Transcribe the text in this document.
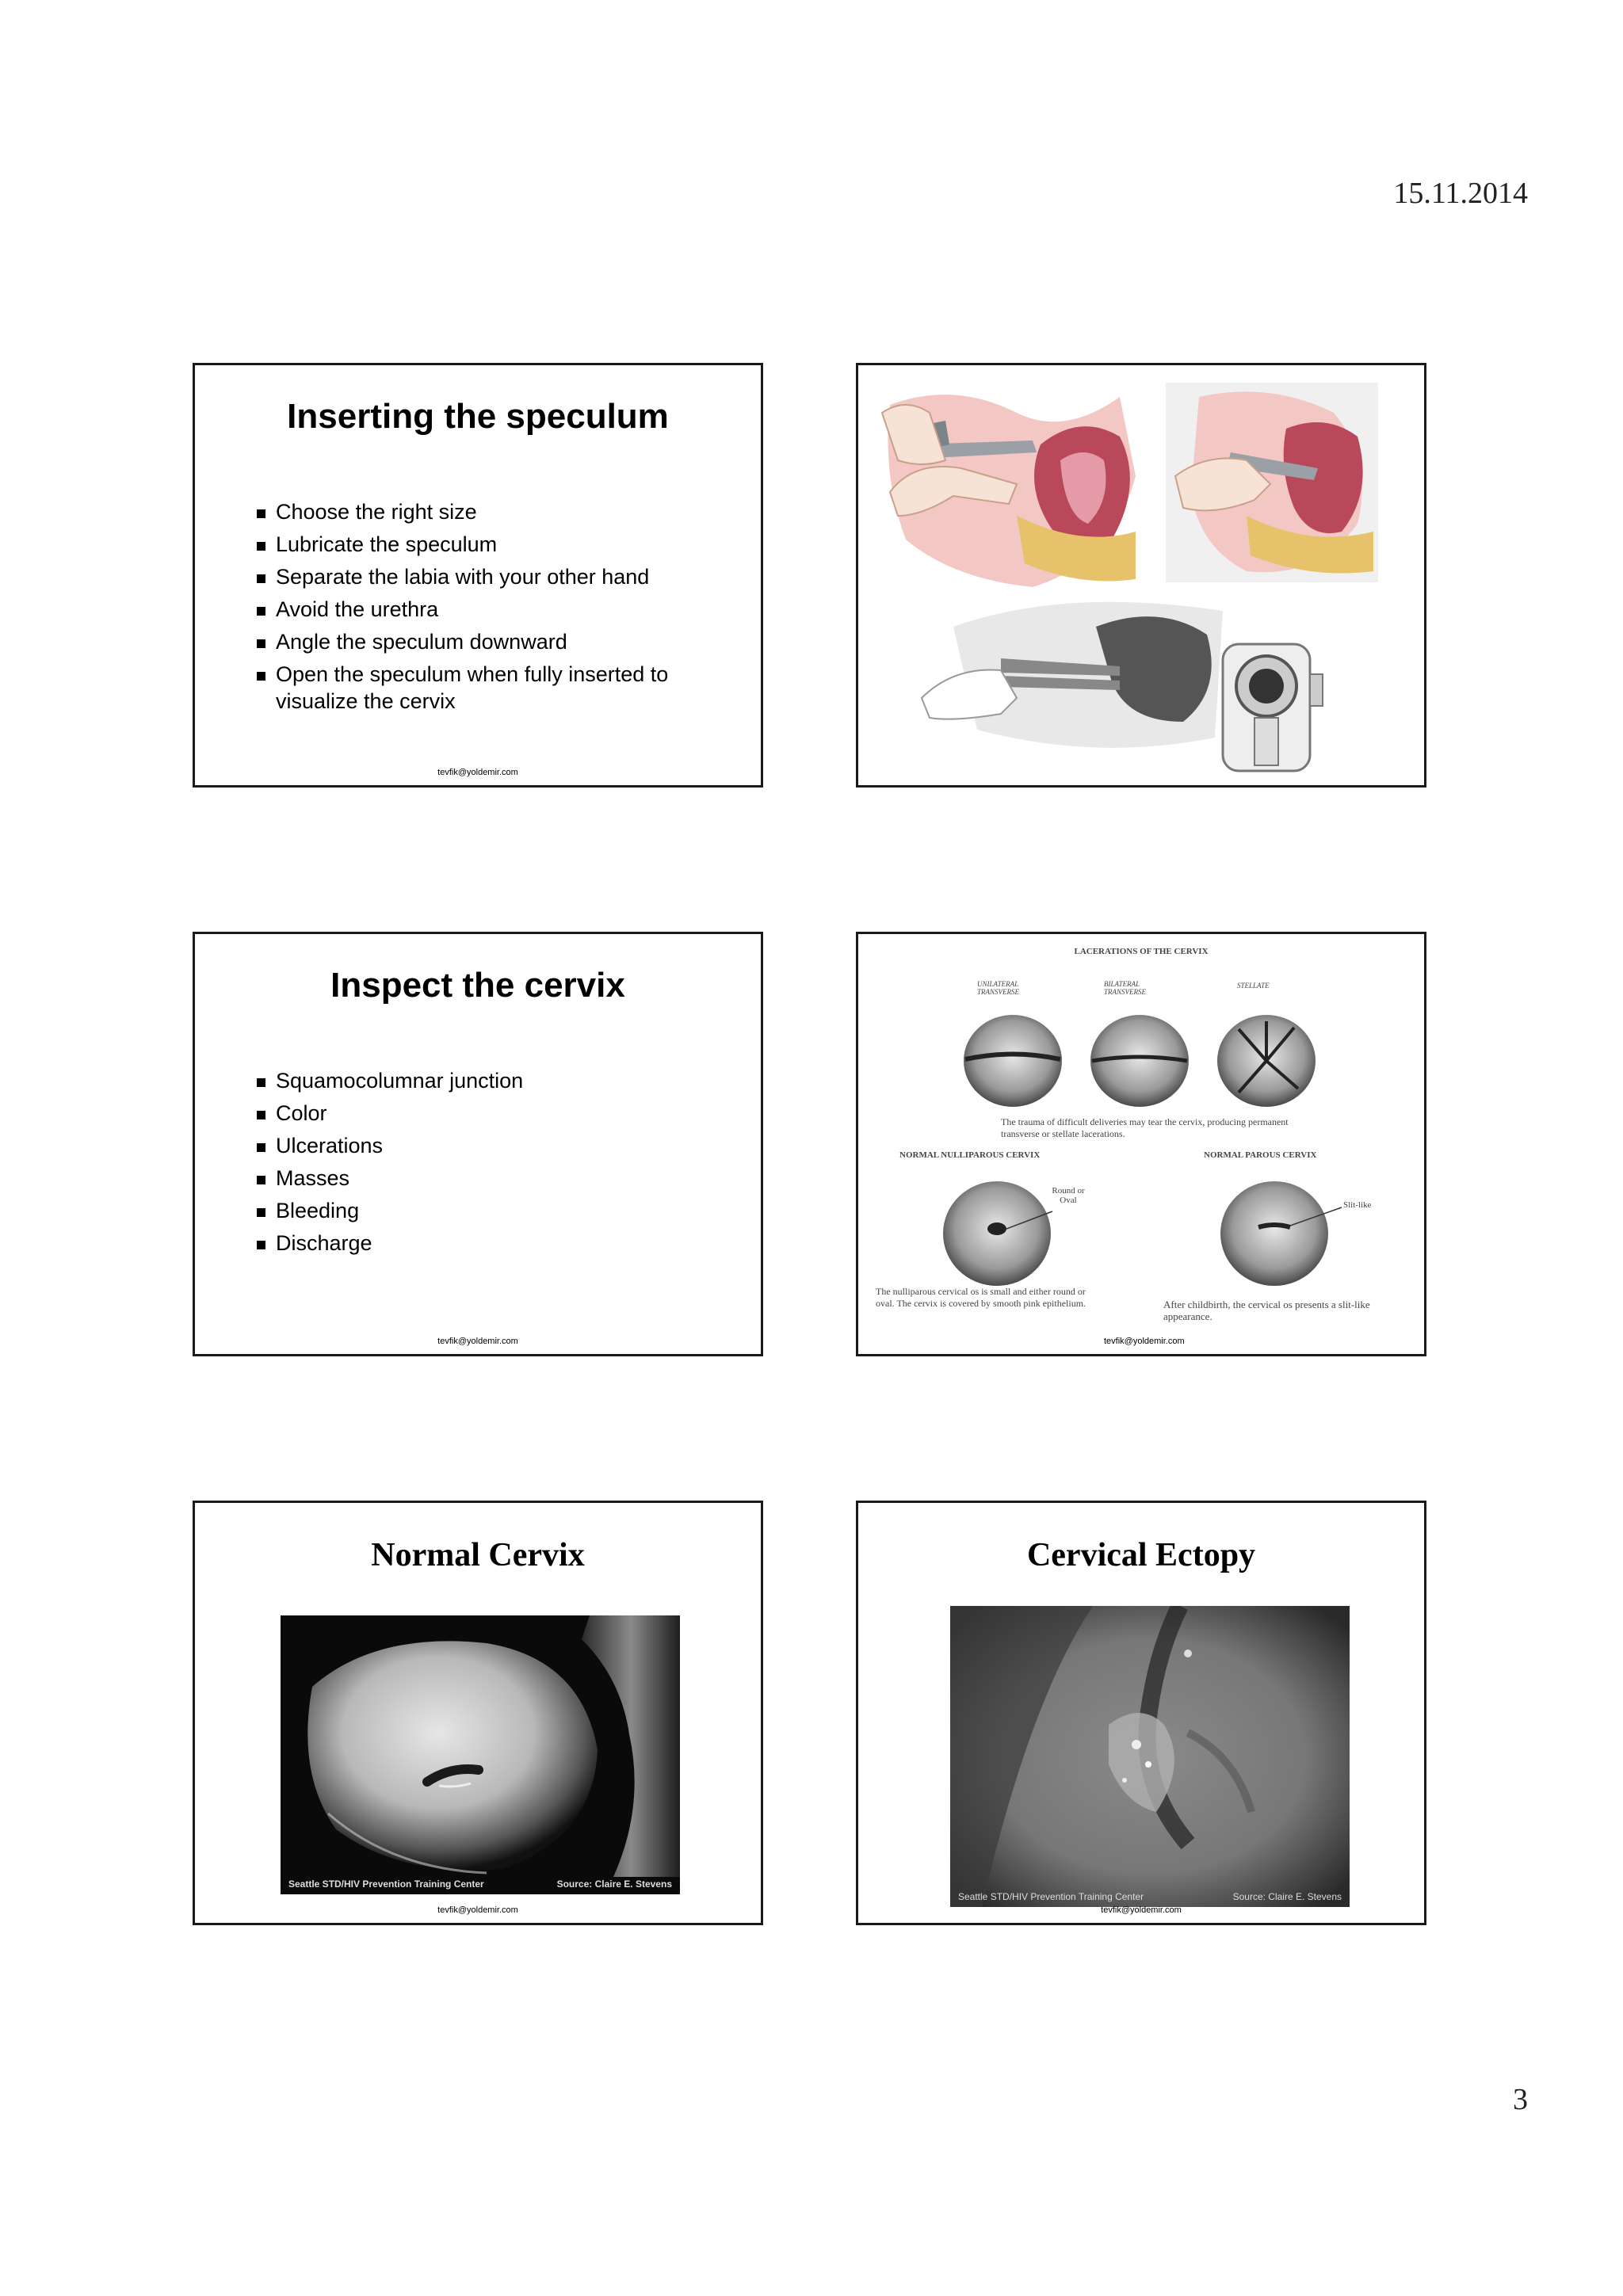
15.11.2014
Inserting the speculum
Choose the right size
Lubricate the speculum
Separate the labia with your other hand
Avoid the urethra
Angle the speculum downward
Open the speculum when fully inserted to visualize the cervix
tevfik@yoldemir.com
Inspect the cervix
Squamocolumnar junction
Color
Ulcerations
Masses
Bleeding
Discharge
tevfik@yoldemir.com
LACERATIONS OF THE CERVIX
UNILATERAL TRANSVERSE
BILATERAL TRANSVERSE
STELLATE
The trauma of difficult deliveries may tear the cervix, producing permanent transverse or stellate lacerations.
NORMAL NULLIPAROUS CERVIX	NORMAL PAROUS CERVIX
Round or Oval	Slit-like
The nulliparous cervical os is small and either round or oval. The cervix is covered by smooth pink epithelium.	After childbirth, the cervical os presents a slit-like appearance.
tevfik@yoldemir.com
Normal Cervix
Seattle STD/HIV Prevention Training Center	Source: Claire E. Stevens
tevfik@yoldemir.com
Cervical Ectopy
Seattle STD/HIV Prevention Training Center	Source: Claire E. Stevens
tevfik@yoldemir.com
3
